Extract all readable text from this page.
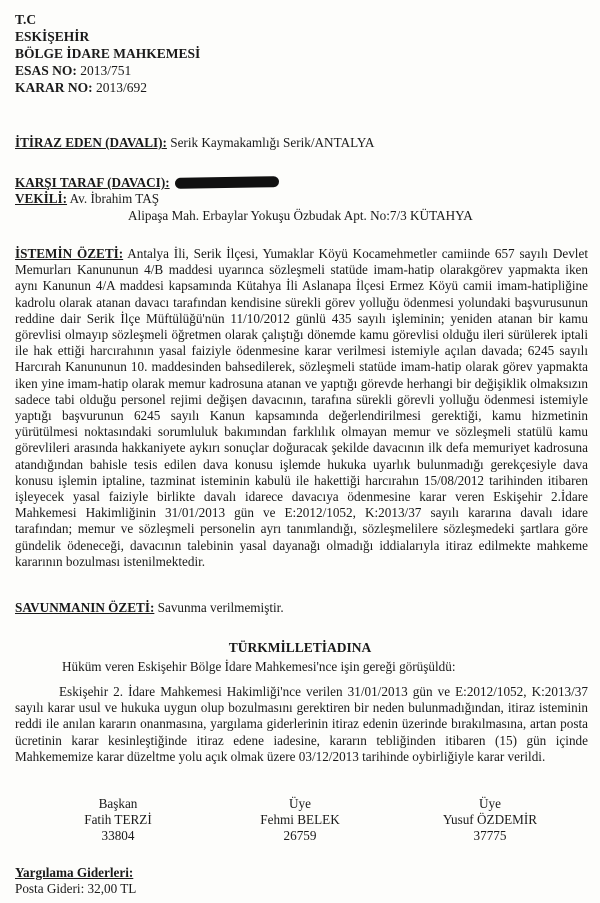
T.C
ESKİŞEHİR
BÖLGE İDARE MAHKEMESİ
ESAS NO: 2013/751
KARAR NO: 2013/692
İTİRAZ EDEN (DAVALI): Serik Kaymakamlığı Serik/ANTALYA
KARŞI TARAF (DAVACI):
VEKİLİ: Av. İbrahim TAŞ
Alipaşa Mah. Erbaylar Yokuşu Özbudak Apt. No:7/3 KÜTAHYA
İSTEMİN ÖZETİ: Antalya İli, Serik İlçesi, Yumaklar Köyü Kocamehmetler camiinde 657 sayılı Devlet Memurları Kanununun 4/B maddesi uyarınca sözleşmeli statüde imam-hatip olarakgörev yapmakta iken aynı Kanunun 4/A maddesi kapsamında Kütahya İli Aslanapa İlçesi Ermez Köyü camii imam-hatipliğine kadrolu olarak atanan davacı tarafından kendisine sürekli görev yolluğu ödenmesi yolundaki başvurusunun reddine dair Serik İlçe Müftülüğü'nün 11/10/2012 günlü 435 sayılı işleminin; yeniden atanan bir kamu görevlisi olmayıp sözleşmeli öğretmen olarak çalıştığı dönemde kamu görevlisi olduğu ileri sürülerek iptali ile hak ettiği harcırahının yasal faiziyle ödenmesine karar verilmesi istemiyle açılan davada; 6245 sayılı Harcırah Kanununun 10. maddesinden bahsedilerek, sözleşmeli statüde imam-hatip olarak görev yapmakta iken yine imam-hatip olarak memur kadrosuna atanan ve yaptığı görevde herhangi bir değişiklik olmaksızın sadece tabi olduğu personel rejimi değişen davacının, tarafına sürekli görevli yolluğu ödenmesi istemiyle yaptığı başvurunun 6245 sayılı Kanun kapsamında değerlendirilmesi gerektiği, kamu hizmetinin yürütülmesi noktasındaki sorumluluk bakımından farklılık olmayan memur ve sözleşmeli statülü kamu görevlileri arasında hakkaniyete aykırı sonuçlar doğuracak şekilde davacının ilk defa memuriyet kadrosuna atandığından bahisle tesis edilen dava konusu işlemde hukuka uyarlık bulunmadığı gerekçesiyle dava konusu işlemin iptaline, tazminat isteminin kabulü ile hakettiği harcırahın 15/08/2012 tarihinden itibaren işleyecek yasal faiziyle birlikte davalı idarece davacıya ödenmesine karar veren Eskişehir 2.İdare Mahkemesi Hakimliğinin 31/01/2013 gün ve E:2012/1052, K:2013/37 sayılı kararına davalı idare tarafından; memur ve sözleşmeli personelin ayrı tanımlandığı, sözleşmelilere sözleşmedeki şartlara göre gündelik ödeneceği, davacının talebinin yasal dayanağı olmadığı iddialarıyla itiraz edilmekte mahkeme kararının bozulması istenilmektedir.
SAVUNMANIN ÖZETİ: Savunma verilmemiştir.
TÜRKMİLLETİADINA
Hüküm veren Eskişehir Bölge İdare Mahkemesi'nce işin gereği görüşüldü:
Eskişehir 2. İdare Mahkemesi Hakimliği'nce verilen 31/01/2013 gün ve E:2012/1052, K:2013/37 sayılı karar usul ve hukuka uygun olup bozulmasını gerektiren bir neden bulunmadığından, itiraz isteminin reddi ile anılan kararın onanmasına, yargılama giderlerinin itiraz edenin üzerinde bırakılmasına, artan posta ücretinin karar kesinleştiğinde itiraz edene iadesine, kararın tebliğinden itibaren (15) gün içinde Mahkememize karar düzeltme yolu açık olmak üzere 03/12/2013 tarihinde oybirliğiyle karar verildi.
Başkan
Fatih TERZİ
33804
Üye
Fehmi BELEK
26759
Üye
Yusuf ÖZDEMİR
37775
Yargılama Giderleri:
Posta Gideri: 32,00 TL
